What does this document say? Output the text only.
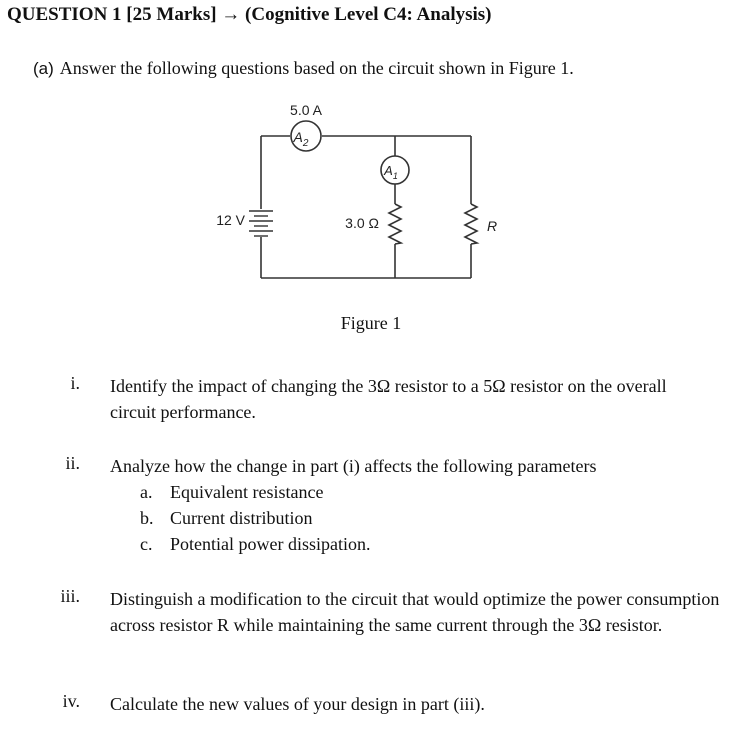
QUESTION 1 [25 Marks] → (Cognitive Level C4: Analysis)
(a) Answer the following questions based on the circuit shown in Figure 1.
5.0 A
$A_2$
$A_1$
12 V	3.0 Ω	R
Figure 1
i. Identify the impact of changing the 3Ω resistor to a 5Ω resistor on the overall circuit performance.
ii. Analyze how the change in part (i) affects the following parameters
a. Equivalent resistance
b. Current distribution
c. Potential power dissipation.
iii. Distinguish a modification to the circuit that would optimize the power consumption across resistor R while maintaining the same current through the 3Ω resistor.
iv. Calculate the new values of your design in part (iii).
